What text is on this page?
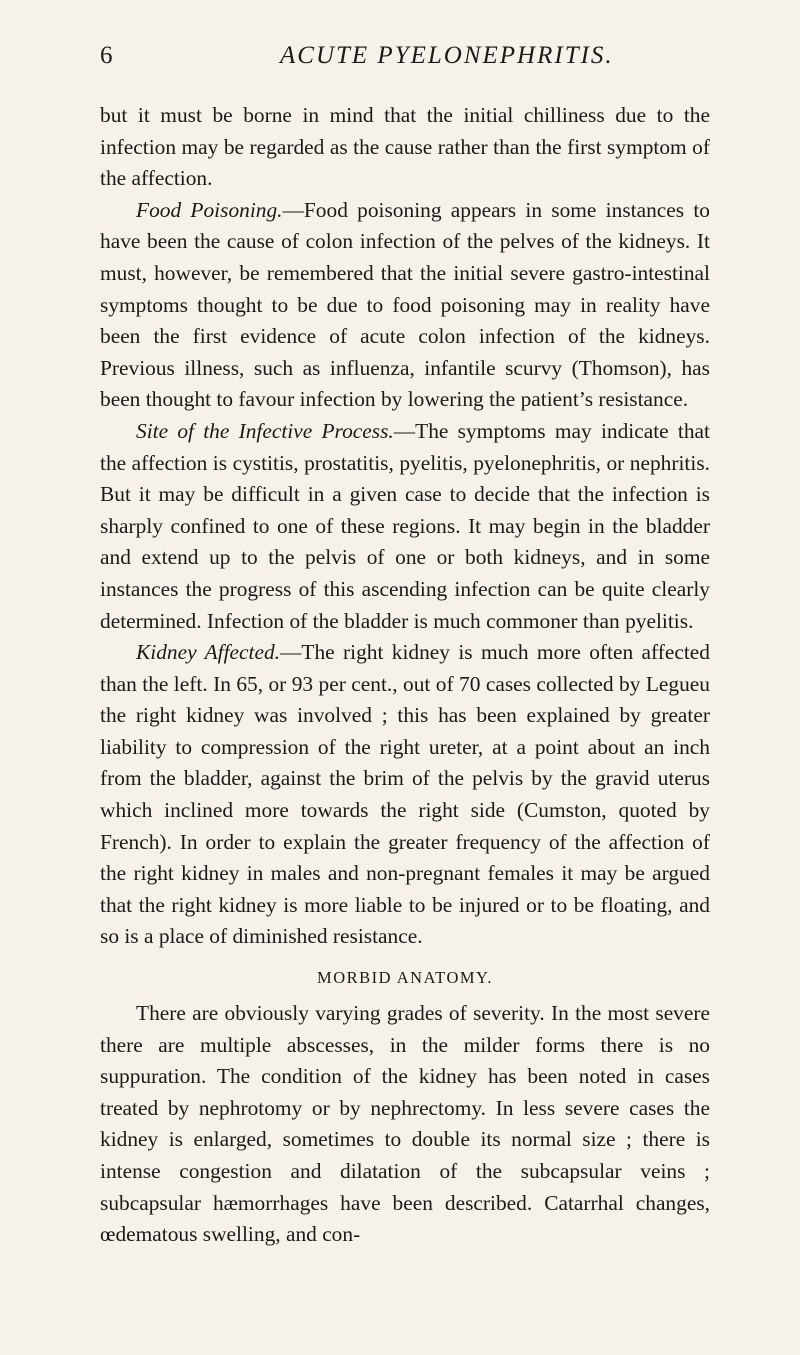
6	ACUTE PYELONEPHRITIS.

but it must be borne in mind that the initial chilliness due to the infection may be regarded as the cause rather than the first symptom of the affection.

Food Poisoning.—Food poisoning appears in some instances to have been the cause of colon infection of the pelves of the kidneys. It must, however, be remembered that the initial severe gastro-intestinal symptoms thought to be due to food poisoning may in reality have been the first evidence of acute colon infection of the kidneys. Previous illness, such as influenza, infantile scurvy (Thomson), has been thought to favour infection by lowering the patient’s resistance.

Site of the Infective Process.—The symptoms may indicate that the affection is cystitis, prostatitis, pyelitis, pyelonephritis, or nephritis. But it may be difficult in a given case to decide that the infection is sharply confined to one of these regions. It may begin in the bladder and extend up to the pelvis of one or both kidneys, and in some instances the progress of this ascending infection can be quite clearly determined. Infection of the bladder is much commoner than pyelitis.

Kidney Affected.—The right kidney is much more often affected than the left. In 65, or 93 per cent., out of 70 cases collected by Legueu the right kidney was involved ; this has been explained by greater liability to compression of the right ureter, at a point about an inch from the bladder, against the brim of the pelvis by the gravid uterus which inclined more towards the right side (Cumston, quoted by French). In order to explain the greater frequency of the affection of the right kidney in males and non-pregnant females it may be argued that the right kidney is more liable to be injured or to be floating, and so is a place of diminished resistance.

MORBID ANATOMY.

There are obviously varying grades of severity. In the most severe there are multiple abscesses, in the milder forms there is no suppuration. The condition of the kidney has been noted in cases treated by nephrotomy or by nephrectomy. In less severe cases the kidney is enlarged, sometimes to double its normal size ; there is intense congestion and dilatation of the subcapsular veins ; subcapsular hæmorrhages have been described. Catarrhal changes, œdematous swelling, and con-
